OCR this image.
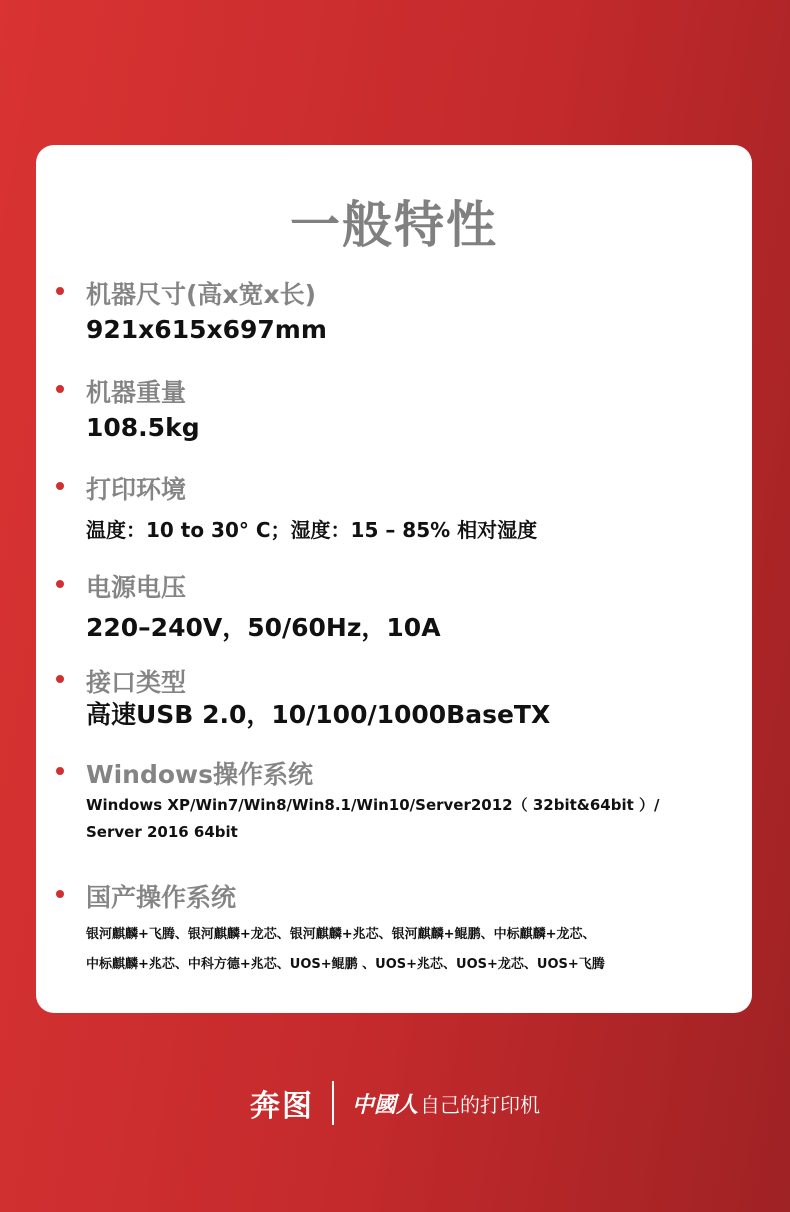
一般特性
机器尺寸(高x宽x长)
921x615x697mm
机器重量
108.5kg
打印环境
温度：10 to 30° C；湿度：15 – 85% 相对湿度
电源电压
220–240V，50/60Hz，10A
接口类型
高速USB 2.0，10/100/1000BaseTX
Windows操作系统
Windows XP/Win7/Win8/Win8.1/Win10/Server2012（ 32bit&64bit ）/
Server 2016 64bit
国产操作系统
银河麒麟+飞腾、银河麒麟+龙芯、银河麒麟+兆芯、银河麒麟+鲲鹏、中标麒麟+龙芯、
中标麒麟+兆芯、中科方德+兆芯、UOS+鲲鹏 、UOS+兆芯、UOS+龙芯、UOS+飞腾
奔图 中國人 自己的打印机
